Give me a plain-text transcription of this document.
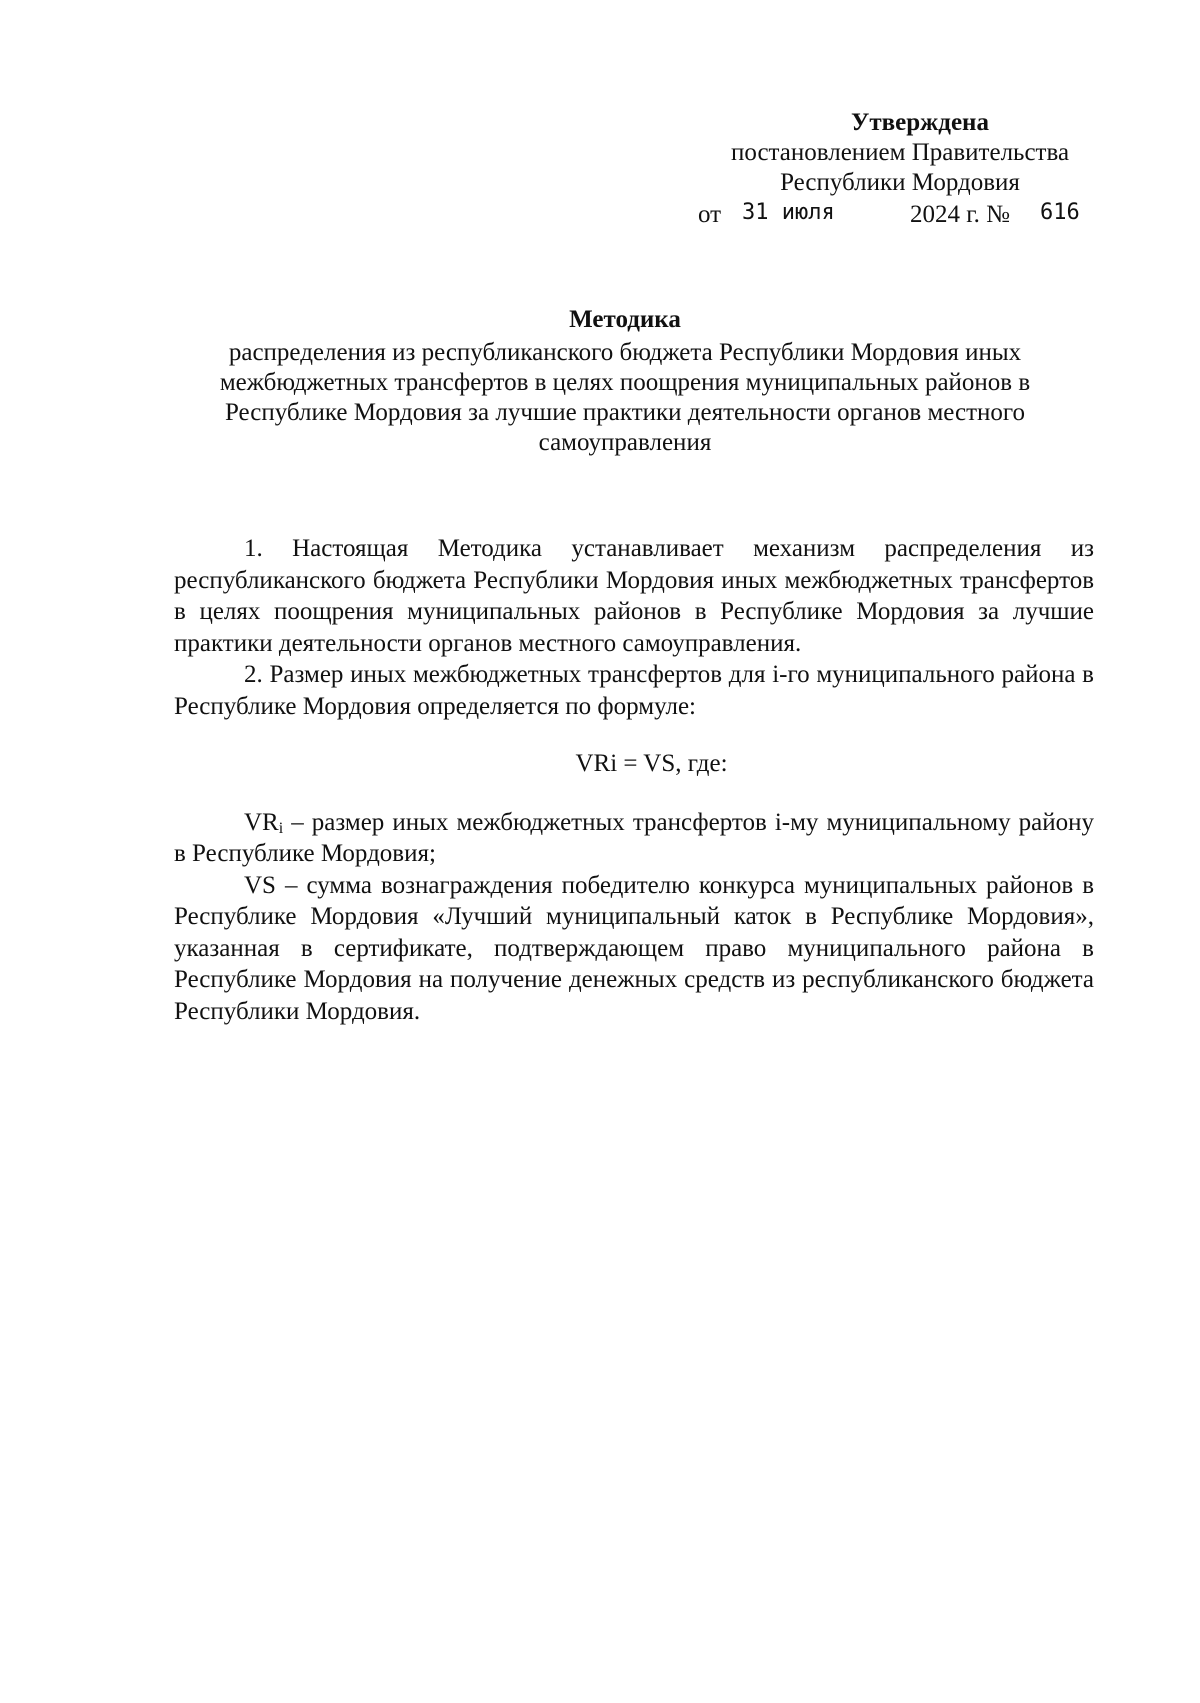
Утверждена
постановлением Правительства
Республики Мордовия
от 31 июля	2024 г. № 616
Методика
распределения из республиканского бюджета Республики Мордовия иных межбюджетных трансфертов в целях поощрения муниципальных районов в Республике Мордовия за лучшие практики деятельности органов местного самоуправления

1. Настоящая Методика устанавливает механизм распределения из республиканского бюджета Республики Мордовия иных межбюджетных трансфертов в целях поощрения муниципальных районов в Республике Мордовия за лучшие практики деятельности органов местного самоуправления.

2. Размер иных межбюджетных трансфертов для i-го муниципального района в Республике Мордовия определяется по формуле:

VRi = VS, где:

$VR_i$ – размер иных межбюджетных трансфертов i-му муниципальному району в Республике Мордовия;

VS – сумма вознаграждения победителю конкурса муниципальных районов в Республике Мордовия «Лучший муниципальный каток в Республике Мордовия», указанная в сертификате, подтверждающем право муниципального района в Республике Мордовия на получение денежных средств из республиканского бюджета Республики Мордовия.
